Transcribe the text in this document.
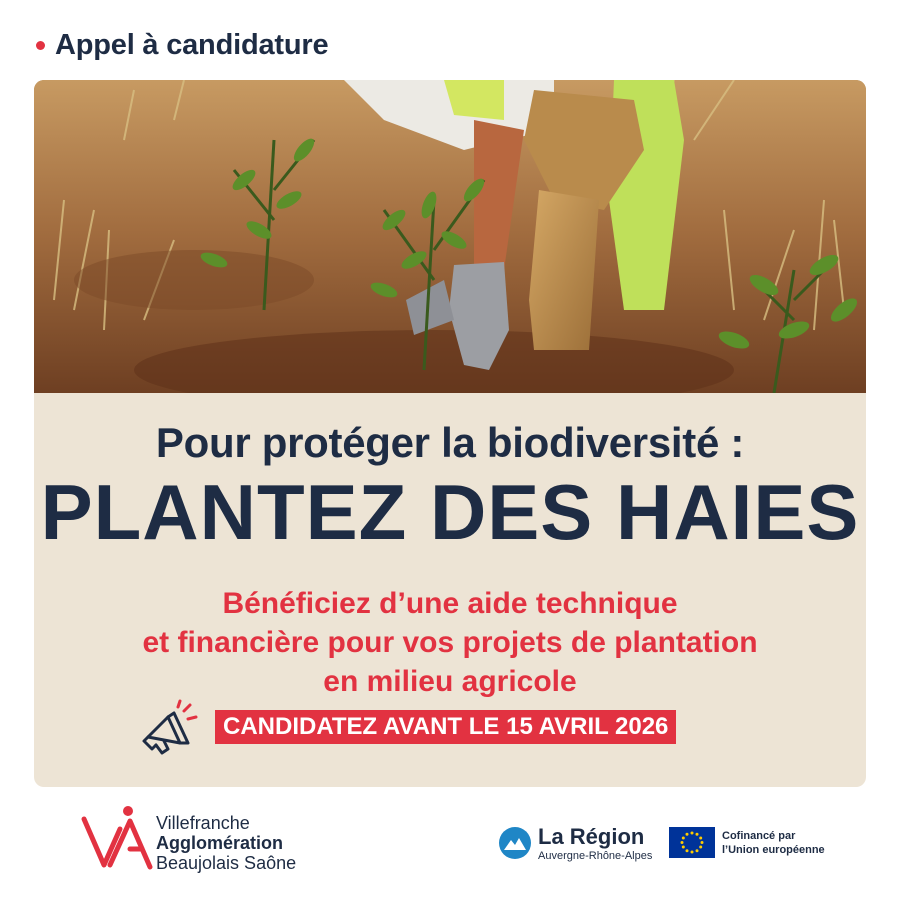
Appel à candidature
Pour protéger la biodiversité :
PLANTEZ DES HAIES
Bénéficiez d’une aide technique
et financière pour vos projets de plantation
en milieu agricole
CANDIDATEZ AVANT LE 15 AVRIL 2026
Villefranche
Agglomération
Beaujolais Saône
La Région
Auvergne-Rhône-Alpes
Cofinancé par
l’Union européenne
